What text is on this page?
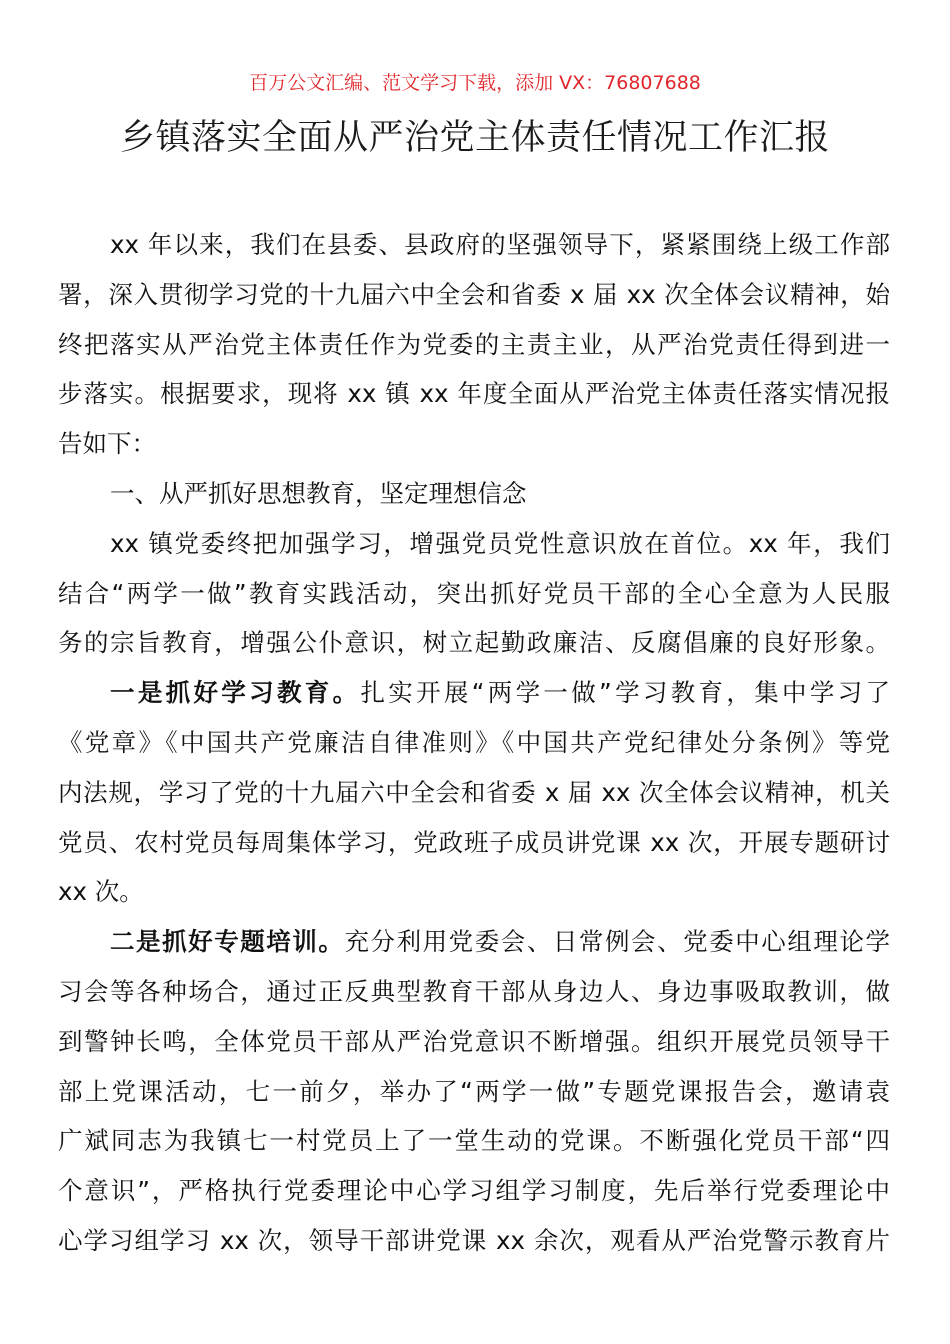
百万公文汇编、范文学习下载，添加 VX：76807688
乡镇落实全面从严治党主体责任情况工作汇报
xx 年以来，我们在县委、县政府的坚强领导下，紧紧围绕上级工作部
署，深入贯彻学习党的十九届六中全会和省委 x 届 xx 次全体会议精神，始
终把落实从严治党主体责任作为党委的主责主业，从严治党责任得到进一
步落实。根据要求，现将 xx 镇 xx 年度全面从严治党主体责任落实情况报
告如下：
一、从严抓好思想教育，坚定理想信念
xx 镇党委终把加强学习，增强党员党性意识放在首位。xx 年，我们
结合“两学一做”教育实践活动，突出抓好党员干部的全心全意为人民服
务的宗旨教育，增强公仆意识，树立起勤政廉洁、反腐倡廉的良好形象。
一是抓好学习教育。扎实开展“两学一做”学习教育，集中学习了
《党章》《中国共产党廉洁自律准则》《中国共产党纪律处分条例》等党
内法规，学习了党的十九届六中全会和省委 x 届 xx 次全体会议精神，机关
党员、农村党员每周集体学习，党政班子成员讲党课 xx 次，开展专题研讨
xx 次。
二是抓好专题培训。充分利用党委会、日常例会、党委中心组理论学
习会等各种场合，通过正反典型教育干部从身边人、身边事吸取教训，做
到警钟长鸣，全体党员干部从严治党意识不断增强。组织开展党员领导干
部上党课活动，七一前夕，举办了“两学一做”专题党课报告会，邀请袁
广斌同志为我镇七一村党员上了一堂生动的党课。不断强化党员干部“四
个意识”，严格执行党委理论中心学习组学习制度，先后举行党委理论中
心学习组学习 xx 次，领导干部讲党课 xx 余次，观看从严治党警示教育片
